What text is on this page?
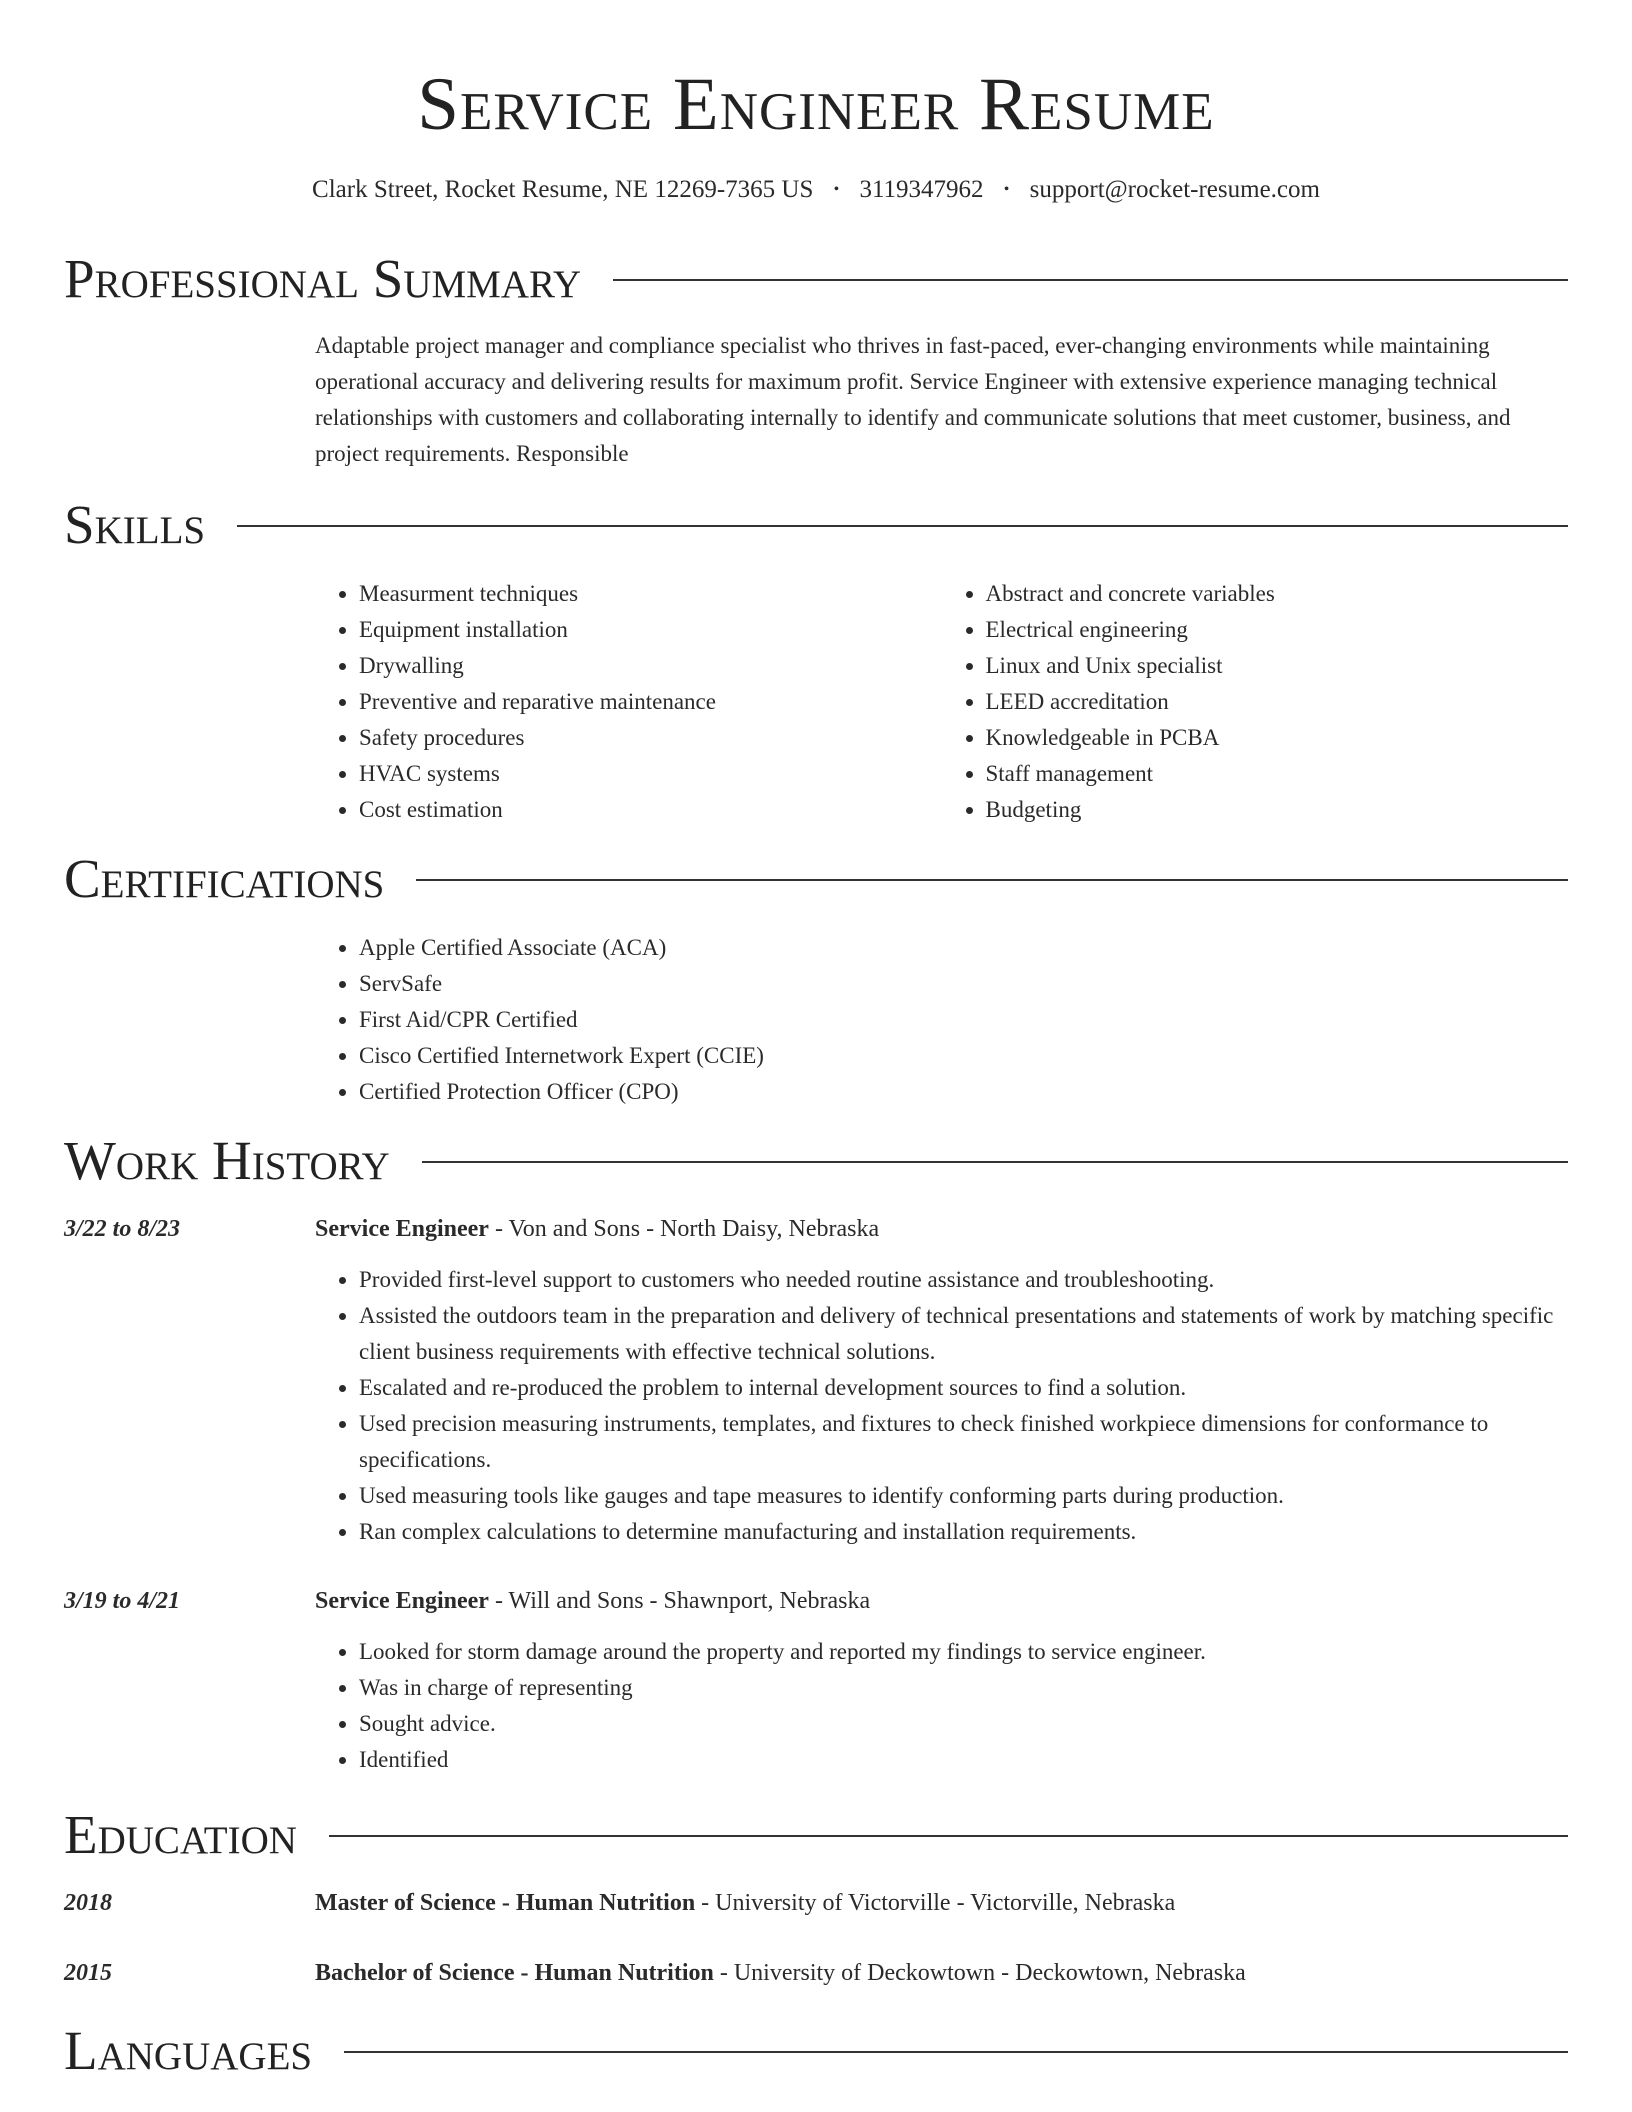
Service Engineer Resume
Clark Street, Rocket Resume, NE 12269-7365 US • 3119347962 • support@rocket-resume.com
Professional Summary

Adaptable project manager and compliance specialist who thrives in fast-paced, ever-changing environments while maintaining operational accuracy and delivering results for maximum profit. Service Engineer with extensive experience managing technical relationships with customers and collaborating internally to identify and communicate solutions that meet customer, business, and project requirements. Responsible

Skills
• Measurment techniques
• Equipment installation
• Drywalling
• Preventive and reparative maintenance
• Safety procedures
• HVAC systems
• Cost estimation
• Abstract and concrete variables
• Electrical engineering
• Linux and Unix specialist
• LEED accreditation
• Knowledgeable in PCBA
• Staff management
• Budgeting
Certifications
• Apple Certified Associate (ACA)
• ServSafe
• First Aid/CPR Certified
• Cisco Certified Internetwork Expert (CCIE)
• Certified Protection Officer (CPO)
Work History
3/22 to 8/23	Service Engineer - Von and Sons - North Daisy, Nebraska
• Provided first-level support to customers who needed routine assistance and troubleshooting.
• Assisted the outdoors team in the preparation and delivery of technical presentations and statements of work by matching specific client business requirements with effective technical solutions.
• Escalated and re-produced the problem to internal development sources to find a solution.
• Used precision measuring instruments, templates, and fixtures to check finished workpiece dimensions for conformance to specifications.
• Used measuring tools like gauges and tape measures to identify conforming parts during production.
• Ran complex calculations to determine manufacturing and installation requirements.
3/19 to 4/21	Service Engineer - Will and Sons - Shawnport, Nebraska
• Looked for storm damage around the property and reported my findings to service engineer.
• Was in charge of representing
• Sought advice.
• Identified
Education
2018	Master of Science - Human Nutrition - University of Victorville - Victorville, Nebraska
2015	Bachelor of Science - Human Nutrition - University of Deckowtown - Deckowtown, Nebraska
Languages
